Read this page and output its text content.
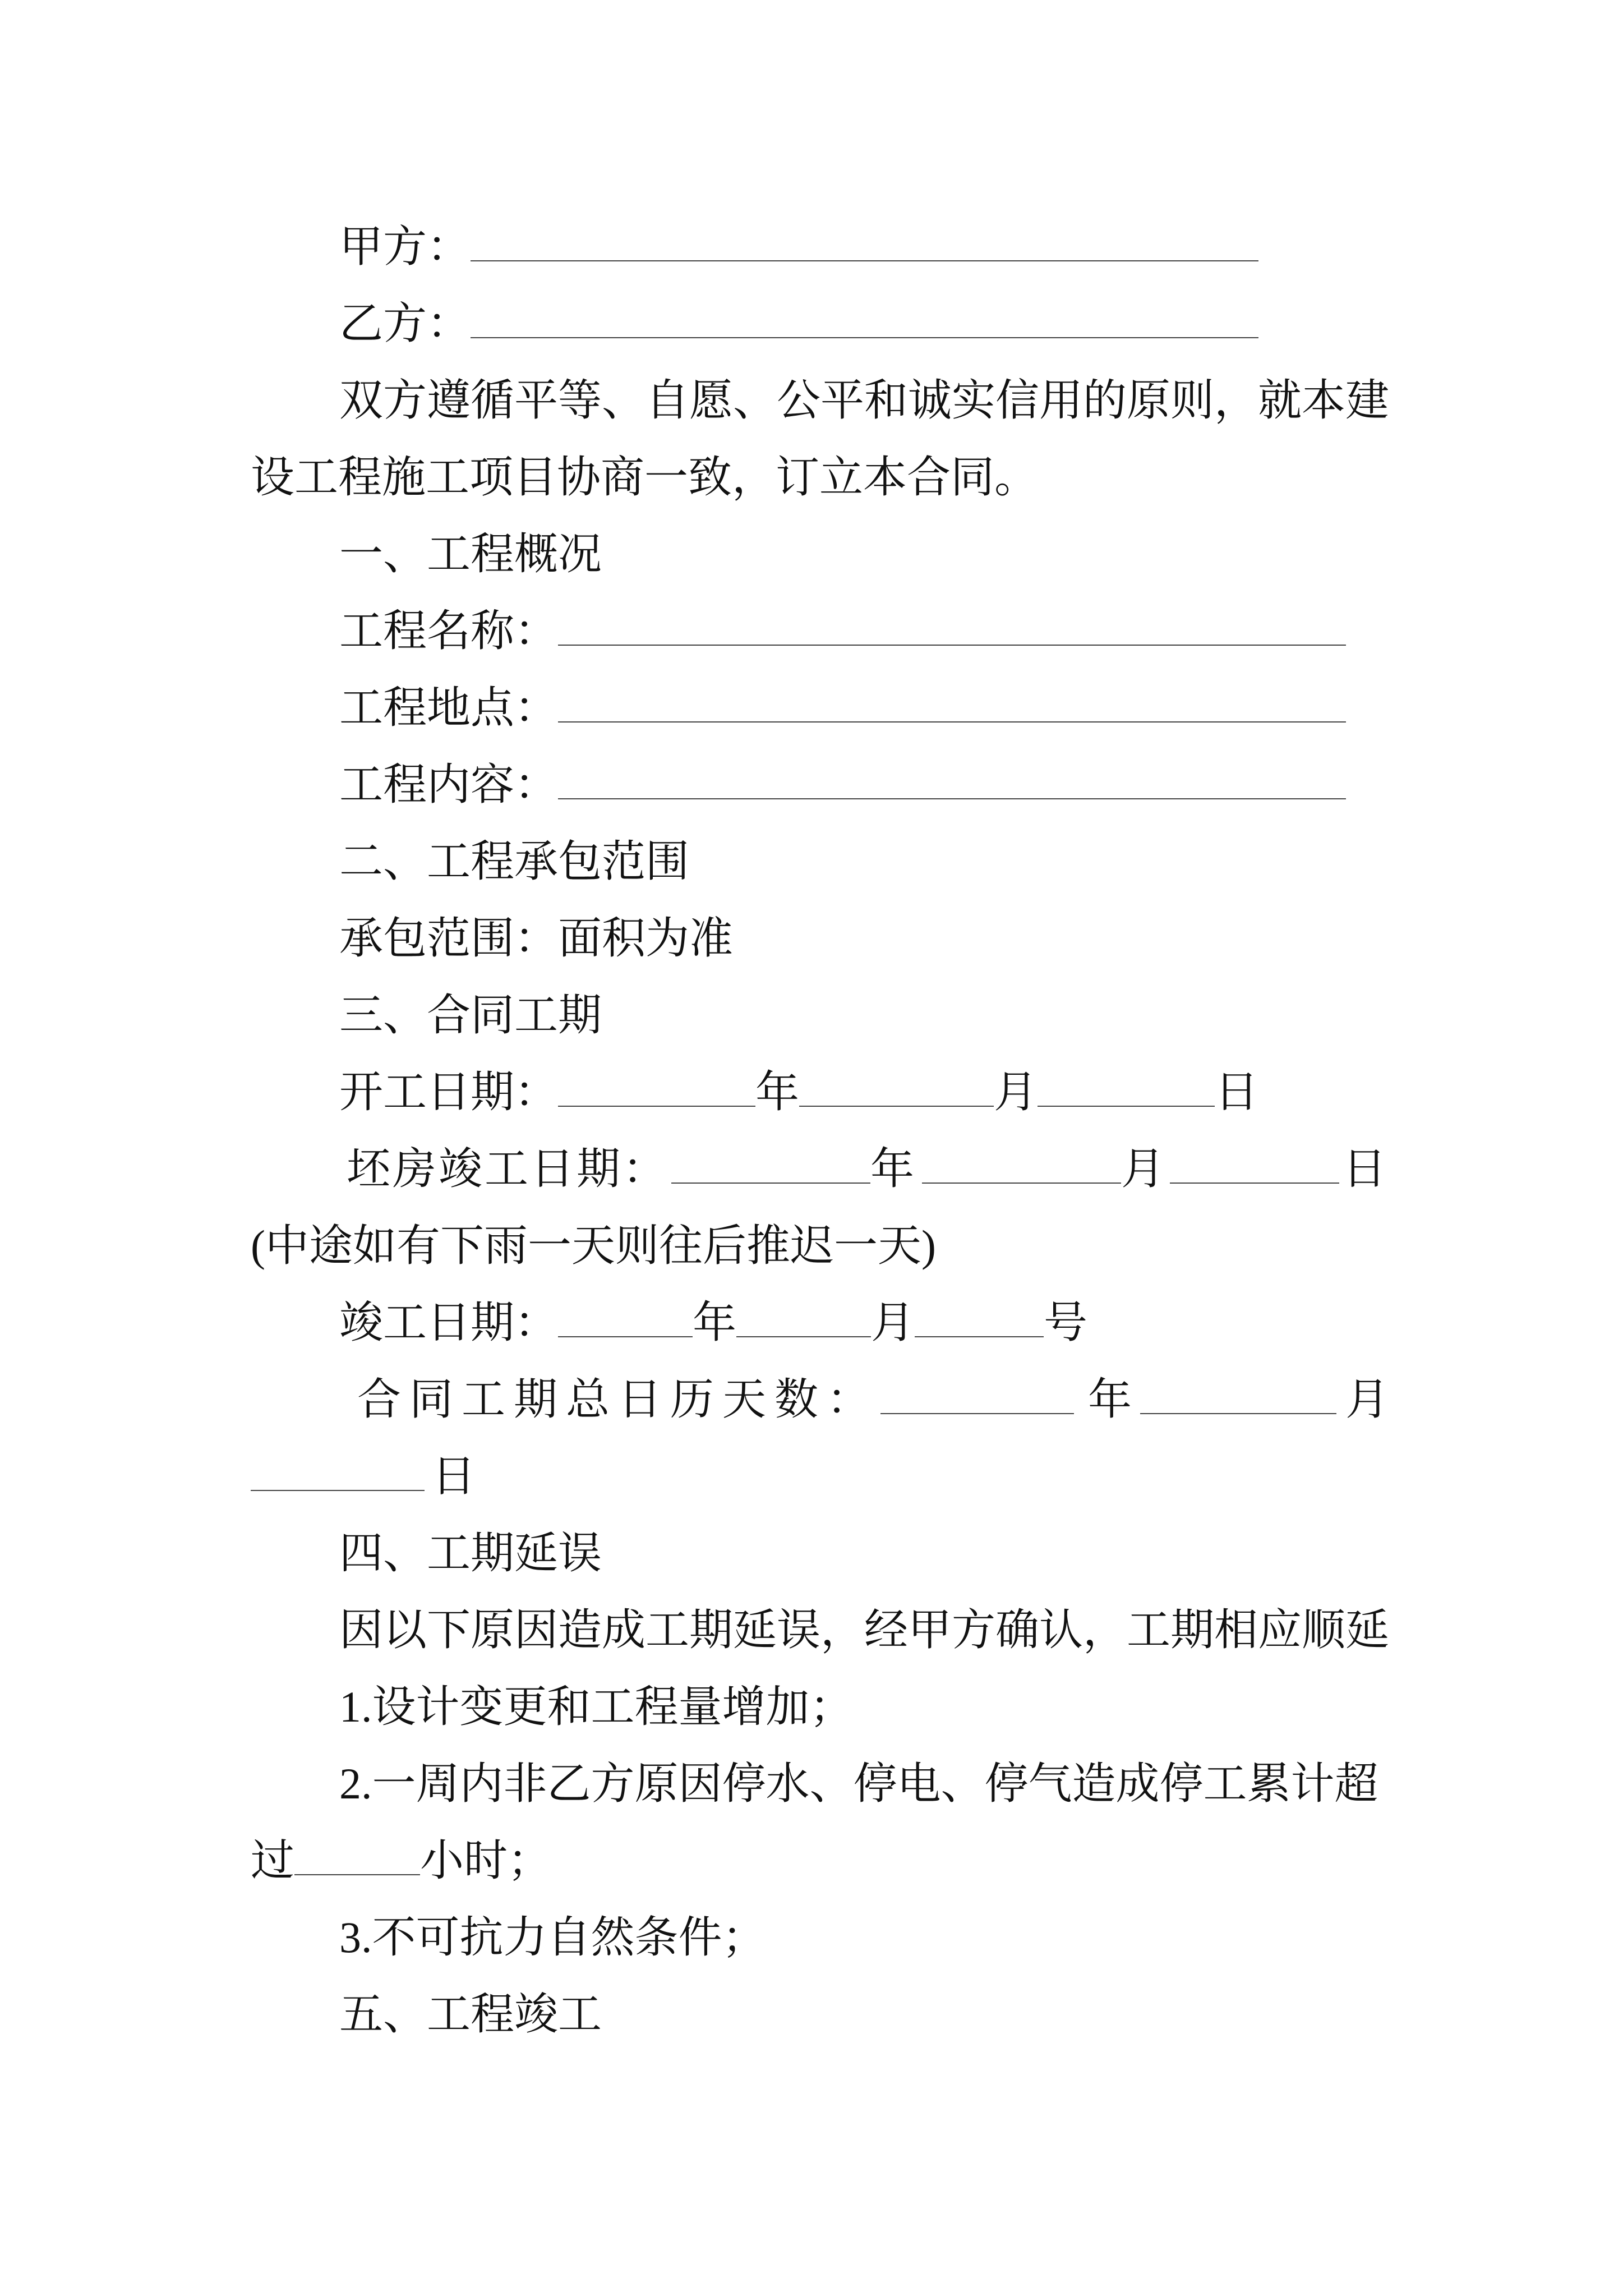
甲方：
乙方：
双方遵循平等、自愿、公平和诚实信用的原则，就本建
设工程施工项目协商一致，订立本合同。
一、工程概况
工程名称：
工程地点：
工程内容：
二、工程承包范围
承包范围：面积为准
三、合同工期
开工日期：	年	月	日
坯房竣工日期：	年	月	日
(中途如有下雨一天则往后推迟一天)
竣工日期：	年	月	号
合同工期总日历天数：	年	月
日
四、工期延误
因以下原因造成工期延误，经甲方确认，工期相应顺延
1.设计变更和工程量增加；
2.一周内非乙方原因停水、停电、停气造成停工累计超
过	小时；
3.不可抗力自然条件；
五、工程竣工
